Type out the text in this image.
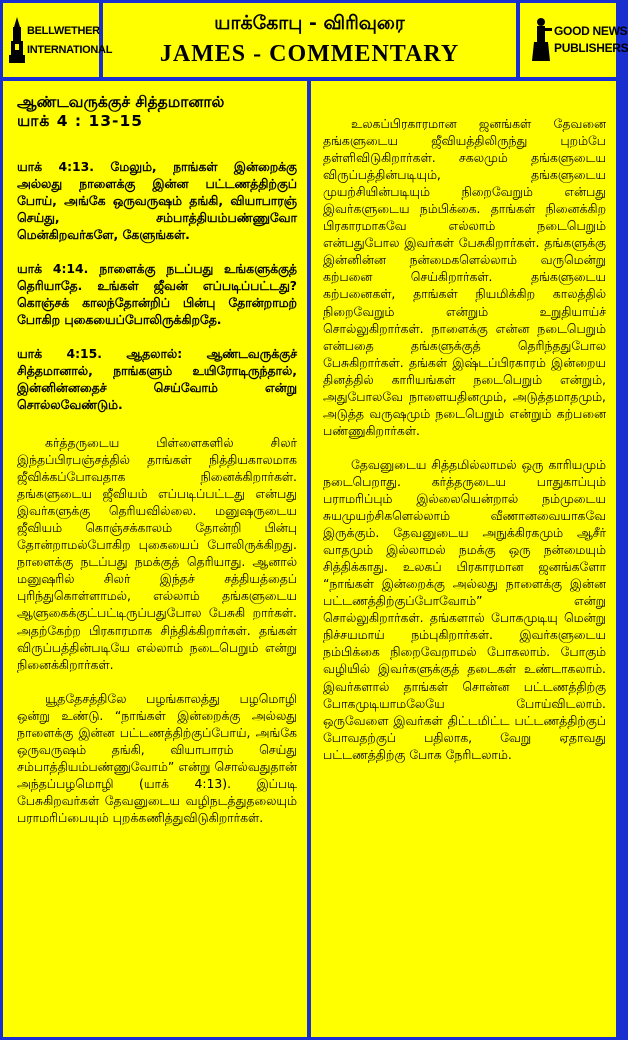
BELLWETHER
INTERNATIONAL
யாக்கோபு - விரிவுரை
JAMES - COMMENTARY
GOOD NEWS
PUBLISHERS
ஆண்டவருக்குச் சித்தமானால்
யாக் 4 : 13-15

யாக் 4:13. மேலும், நாங்கள் இன்றைக்கு அல்லது நாளைக்கு இன்ன பட்டணத்திற்குப் போய், அங்கே ஒருவருஷம் தங்கி, வியாபாரஞ் செய்து, சம்பாத்தியம்பண்ணுவோ மென்கிறவர்களே, கேளுங்கள்.

யாக் 4:14. நாளைக்கு நடப்பது உங்களுக்குத் தெரியாதே. உங்கள் ஜீவன் எப்படிப்பட்டது? கொஞ்சக் காலந்தோன்றிப் பின்பு தோன்றாமற் போகிற புகையைப்போலிருக்கிறதே.

யாக் 4:15. ஆதலால்: ஆண்டவருக்குச் சித்தமானால், நாங்களும் உயிரோடிருந்தால், இன்னின்னதைச் செய்வோம் என்று சொல்லவேண்டும்.

கர்த்தருடைய பிள்ளைகளில் சிலர் இந்தப்பிரபஞ்சத்தில் தாங்கள் நித்தியகாலமாக ஜீவிக்கப்போவதாக நினைக்கிறார்கள். தங்களுடைய ஜீவியம் எப்படிப்பட்டது என்பது இவர்களுக்கு தெரியவில்லை. மனுஷருடைய ஜீவியம் கொஞ்சக்காலம் தோன்றி பின்பு தோன்றாமல்போகிற புகையைப் போலிருக்கிறது. நாளைக்கு நடப்பது நமக்குத் தெரியாது. ஆனால் மனுஷரில் சிலர் இந்தச் சத்தியத்தைப் புரிந்துகொள்ளாமல், எல்லாம் தங்களுடைய ஆளுகைக்குட்பட்டிருப்பதுபோல பேசுகி றார்கள். அதற்கேற்ற பிரகாரமாக சிந்திக்கிறார்கள். தங்கள் விருப்பத்தின்படியே எல்லாம் நடைபெறும் என்று நினைக்கிறார்கள்.

யூததேசத்திலே பழங்காலத்து பழமொழி ஒன்று உண்டு. “நாங்கள் இன்றைக்கு அல்லது நாளைக்கு இன்ன பட்டணத்திற்குப்போய், அங்கே ஒருவருஷம் தங்கி, வியாபாரம் செய்து சம்பாத்தியம்பண்ணுவோம்” என்று சொல்வதுதான் அந்தப்பழமொழி (யாக் 4:13). இப்படி பேசுகிறவர்கள் தேவனுடைய வழிநடத்துதலையும் பராமரிப்பையும் புறக்கணித்துவிடுகிறார்கள்.

உலகப்பிரகாரமான ஜனங்கள் தேவனை தங்களுடைய ஜீவியத்திலிருந்து புறம்பே தள்ளிவிடுகிறார்கள். சகலமும் தங்களுடைய விருப்பத்தின்படியும், தங்களுடைய முயற்சியின்படியும் நிறைவேறும் என்பது இவர்களுடைய நம்பிக்கை. தாங்கள் நினைக்கிற பிரகாரமாகவே எல்லாம் நடைபெறும் என்பதுபோல இவர்கள் பேசுகிறார்கள். தங்களுக்கு இன்னின்ன நன்மைகளெல்லாம் வருமென்று கற்பனை செய்கிறார்கள். தங்களுடைய கற்பனைகள், தாங்கள் நியமிக்கிற காலத்தில் நிறைவேறும் என்றும் உறுதியாய்ச் சொல்லுகிறார்கள். நாளைக்கு என்ன நடைபெறும் என்பதை தங்களுக்குத் தெரிந்ததுபோல பேசுகிறார்கள். தங்கள் இஷ்டப்பிரகாரம் இன்றைய தினத்தில் காரியங்கள் நடைபெறும் என்றும், அதுபோலவே நாளையதினமும், அடுத்தமாதமும், அடுத்த வருஷமும் நடைபெறும் என்றும் கற்பனை பண்ணுகிறார்கள்.

தேவனுடைய சித்தமில்லாமல் ஒரு காரியமும் நடைபெறாது. கர்த்தருடைய பாதுகாப்பும் பராமரிப்பும் இல்லையென்றால் நம்முடைய சுயமுயற்சிகளெல்லாம் வீணானவையாகவே இருக்கும். தேவனுடைய அநுக்கிரகமும் ஆசீர் வாதமும் இல்லாமல் நமக்கு ஒரு நன்மையும் சித்திக்காது. உலகப் பிரகாரமான ஜனங்களோ “நாங்கள் இன்றைக்கு அல்லது நாளைக்கு இன்ன பட்டணத்திற்குப்போவோம்” என்று சொல்லுகிறார்கள். தங்களால் போகமுடியு மென்று நிச்சயமாய் நம்புகிறார்கள். இவர்களுடைய நம்பிக்கை நிறைவேறாமல் போகலாம். போகும் வழியில் இவர்களுக்குத் தடைகள் உண்டாகலாம். இவர்களால் தாங்கள் சொன்ன பட்டணத்திற்கு போகமுடியாமலேயே போய்விடலாம். ஒருவேளை இவர்கள் திட்டமிட்ட பட்டணத்திற்குப் போவதற்குப் பதிலாக, வேறு ஏதாவது பட்டணத்திற்கு போக நேரிடலாம்.
